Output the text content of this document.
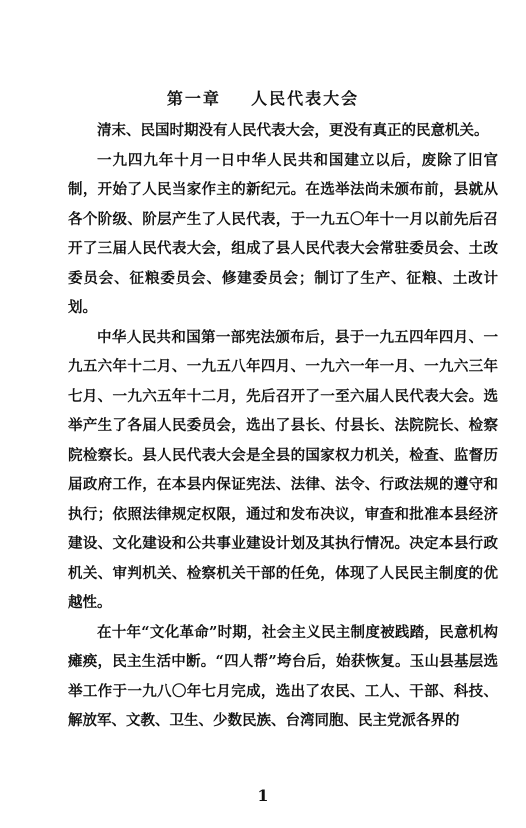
第一章    人民代表大会

清末、民国时期没有人民代表大会，更没有真正的民意机关。

一九四九年十月一日中华人民共和国建立以后，废除了旧官制，开始了人民当家作主的新纪元。在选举法尚未颁布前，县就从各个阶级、阶层产生了人民代表，于一九五〇年十一月以前先后召开了三届人民代表大会，组成了县人民代表大会常驻委员会、土改委员会、征粮委员会、修建委员会；制订了生产、征粮、土改计划。

中华人民共和国第一部宪法颁布后，县于一九五四年四月、一九五六年十二月、一九五八年四月、一九六一年一月、一九六三年七月、一九六五年十二月，先后召开了一至六届人民代表大会。选举产生了各届人民委员会，选出了县长、付县长、法院院长、检察院检察长。县人民代表大会是全县的国家权力机关，检查、监督历届政府工作，在本县内保证宪法、法律、法令、行政法规的遵守和执行；依照法律规定权限，通过和发布决议，审查和批准本县经济建设、文化建设和公共事业建设计划及其执行情况。决定本县行政机关、审判机关、检察机关干部的任免，体现了人民民主制度的优越性。

在十年“文化革命”时期，社会主义民主制度被践踏，民意机构瘫痪，民主生活中断。“四人帮”垮台后，始获恢复。玉山县基层选举工作于一九八〇年七月完成，选出了农民、工人、干部、科技、解放军、文教、卫生、少数民族、台湾同胞、民主党派各界的

1
